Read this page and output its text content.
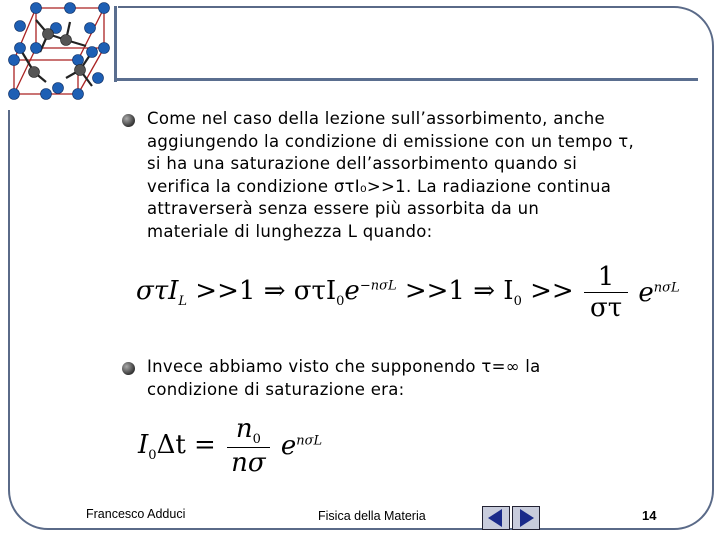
Come nel caso della lezione sull’assorbimento, anche
aggiungendo la condizione di emissione con un tempo τ,
si ha una saturazione dell’assorbimento quando si
verifica la condizione στI₀>>1. La radiazione continua
attraverserà senza essere più assorbita da un
materiale di lunghezza L quando:
στI$_L$ >>1 ⇒ $\sigma\tau I_0e^{-n\sigma L} >>1$ ⇒ $I_0 >> \frac{1}{\sigma\tau} e^{n\sigma L}$
Invece abbiamo visto che supponendo τ=∞ la
condizione di saturazione era:
$I_0\Delta t = \frac{n_0}{n\sigma} e^{n\sigma L}$
Francesco Adduci	Fisica della Materia	14
